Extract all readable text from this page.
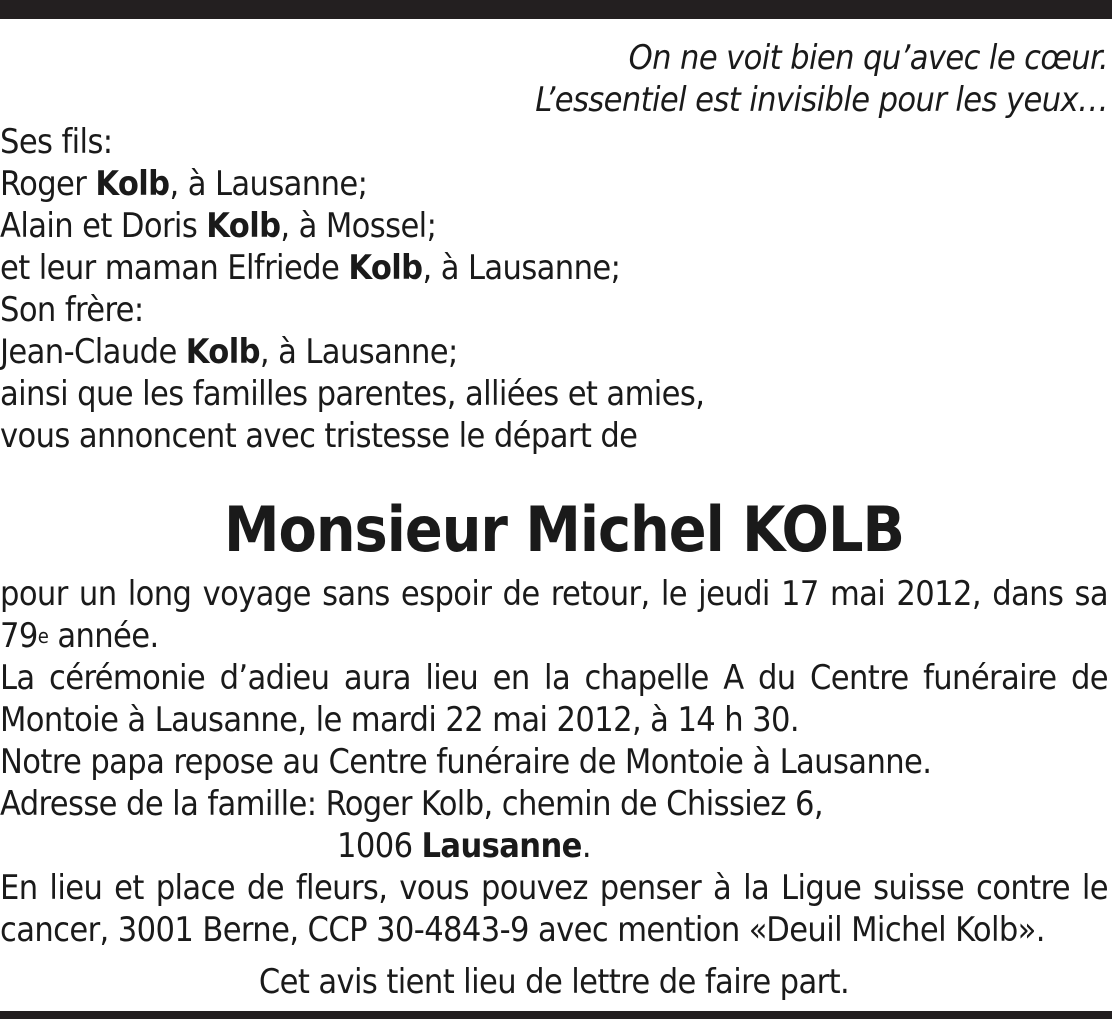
On ne voit bien qu’avec le cœur.
L’essentiel est invisible pour les yeux…
Ses fils:
Roger Kolb, à Lausanne;
Alain et Doris Kolb, à Mossel;
et leur maman Elfriede Kolb, à Lausanne;
Son frère:
Jean-Claude Kolb, à Lausanne;
ainsi que les familles parentes, alliées et amies,
vous annoncent avec tristesse le départ de
Monsieur Michel KOLB
pour un long voyage sans espoir de retour, le jeudi 17 mai 2012, dans sa
79e année.
La cérémonie d’adieu aura lieu en la chapelle A du Centre funéraire de
Montoie à Lausanne, le mardi 22 mai 2012, à 14 h 30.
Notre papa repose au Centre funéraire de Montoie à Lausanne.
Adresse de la famille: Roger Kolb, chemin de Chissiez 6,
1006 Lausanne.
En lieu et place de fleurs, vous pouvez penser à la Ligue suisse contre le
cancer, 3001 Berne, CCP 30-4843-9 avec mention «Deuil Michel Kolb».
Cet avis tient lieu de lettre de faire part.
